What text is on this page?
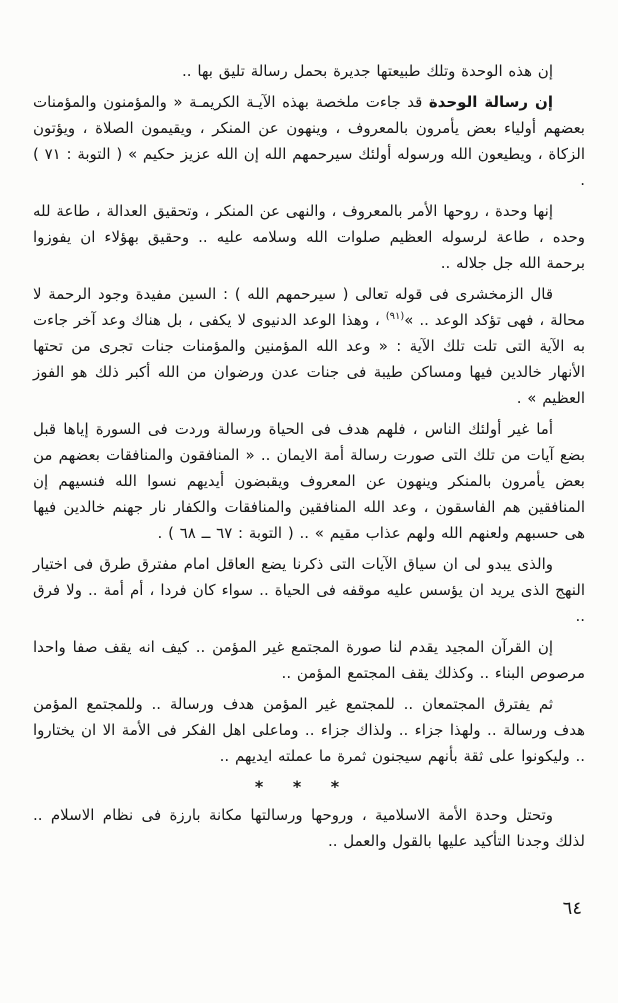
إن هذه الوحدة وتلك طبيعتها جديرة بحمل رسالة تليق بها ..

إن رسالة الوحدة قد جاءت ملخصة بهذه الآيـة الكريمـة « والمؤمنون والمؤمنات بعضهم أولياء بعض يأمرون بالمعروف ، وينهون عن المنكر ، ويقيمون الصلاة ، ويؤتون الزكاة ، ويطيعون الله ورسوله أولئك سيرحمهم الله إن الله عزيز حكيم » ( التوبة : ٧١ ) .

إنها وحدة ، روحها الأمر بالمعروف ، والنهى عن المنكر ، وتحقيق العدالة ، طاعة لله وحده ، طاعة لرسوله العظيم صلوات الله وسلامه عليه .. وحقيق بهؤلاء ان يفوزوا برحمة الله جل جلاله ..

قال الزمخشرى فى قوله تعالى ( سيرحمهم الله ) : السين مفيدة وجود الرحمة لا محالة ، فهى تؤكد الوعد .. »$^{(٩١)}$ ، وهذا الوعد الدنيوى لا يكفى ، بل هناك وعد آخر جاءت به الآية التى تلت تلك الآية : « وعد الله المؤمنين والمؤمنات جنات تجرى من تحتها الأنهار خالدين فيها ومساكن طيبة فى جنات عدن ورضوان من الله أكبر ذلك هو الفوز العظيم » .

أما غير أولئك الناس ، فلهم هدف فى الحياة ورسالة وردت فى السورة إياها قبل بضع آيات من تلك التى صورت رسالة أمة الايمان .. « المنافقون والمنافقات بعضهم من بعض يأمرون بالمنكر وينهون عن المعروف ويقبضون أيديهم نسوا الله فنسيهم إن المنافقين هم الفاسقون ، وعد الله المنافقين والمنافقات والكفار نار جهنم خالدين فيها هى حسبهم ولعنهم الله ولهم عذاب مقيم » .. ( التوبة : ٦٧ ــ ٦٨ ) .

والذى يبدو لى ان سياق الآيات التى ذكرنا يضع العاقل امام مفترق طرق فى اختيار النهج الذى يريد ان يؤسس عليه موقفه فى الحياة .. سواء كان فردا ، أم أمة .. ولا فرق ..

إن القرآن المجيد يقدم لنا صورة المجتمع غير المؤمن .. كيف انه يقف صفا واحدا مرصوص البناء .. وكذلك يقف المجتمع المؤمن ..

ثم يفترق المجتمعان .. للمجتمع غير المؤمن هدف ورسالة .. وللمجتمع المؤمن هدف ورسالة .. ولهذا جزاء .. ولذاك جزاء .. وماعلى اهل الفكر فى الأمة الا ان يختاروا .. وليكونوا على ثقة بأنهم سيجنون ثمرة ما عملته ايديهم ..

* * *

وتحتل وحدة الأمة الاسلامية ، وروحها ورسالتها مكانة بارزة فى نظام الاسلام .. لذلك وجدنا التأكيد عليها بالقول والعمل ..

٦٤
